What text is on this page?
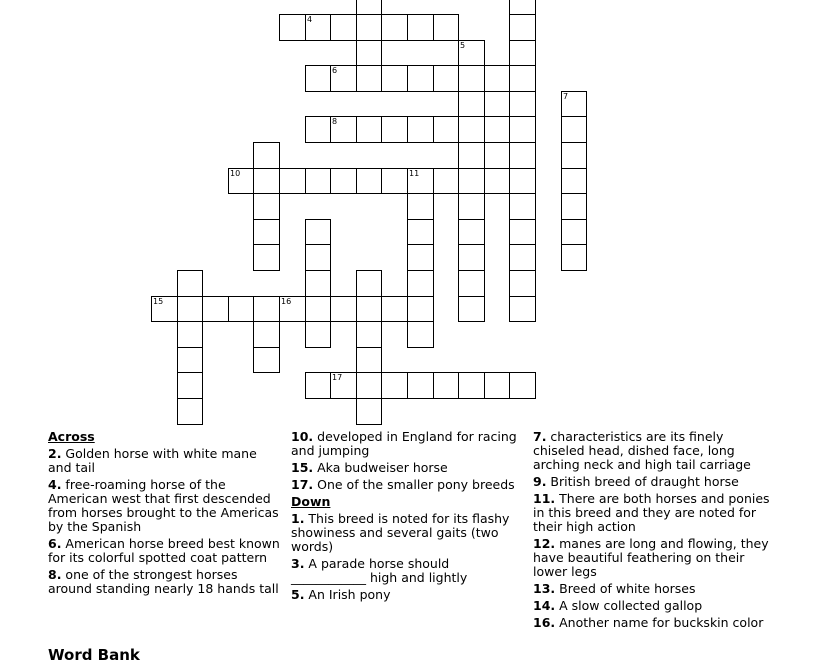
4
6
8
10	11
15	16
17
5
7
Across
2. Golden horse with white mane and tail
4. free-roaming horse of the American west that first descended from horses brought to the Americas by the Spanish
6. American horse breed best known for its colorful spotted coat pattern
8. one of the strongest horses around standing nearly 18 hands tall
10. developed in England for racing and jumping
15. Aka budweiser horse
17. One of the smaller pony breeds
Down
1. This breed is noted for its flashy showiness and several gaits (two words)
3. A parade horse should ____________ high and lightly
5. An Irish pony
7. characteristics are its finely chiseled head, dished face, long arching neck and high tail carriage
9. British breed of draught horse
11. There are both horses and ponies in this breed and they are noted for their high action
12. manes are long and flowing, they have beautiful feathering on their lower legs
13. Breed of white horses
14. A slow collected gallop
16. Another name for buckskin color
Word Bank
